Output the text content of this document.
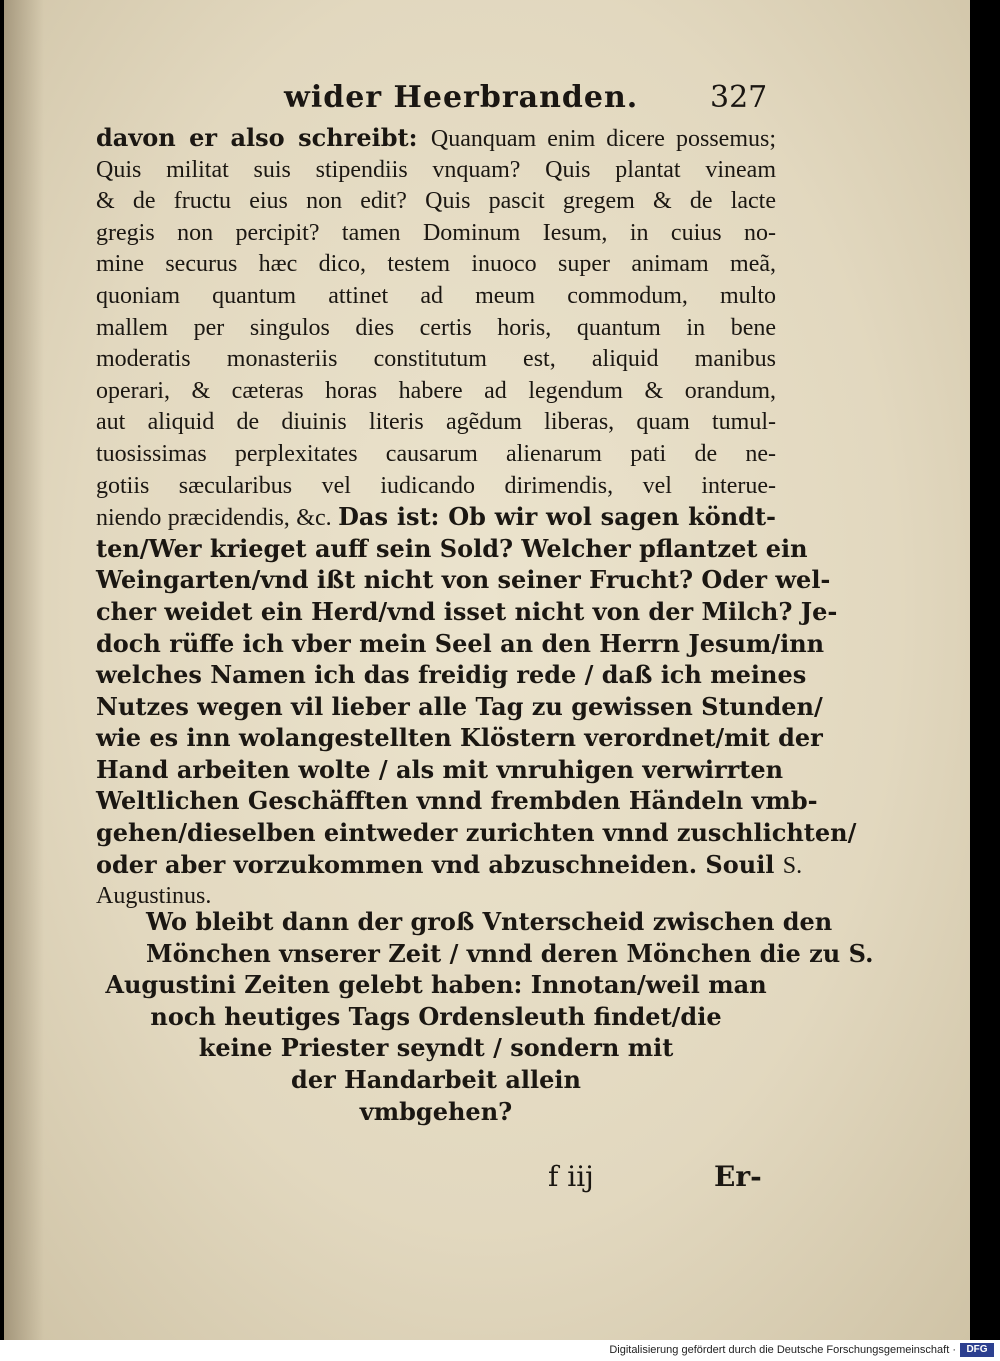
wider Heerbranden. 327
davon er also schreibt: Quanquam enim dicere possemus;
Quis militat suis stipendiis vnquam? Quis plantat vineam
& de fructu eius non edit? Quis pascit gregem & de lacte
gregis non percipit? tamen Dominum Iesum, in cuius no-
mine securus hæc dico, testem inuoco super animam meã,
quoniam quantum attinet ad meum commodum, multo
mallem per singulos dies certis horis, quantum in bene
moderatis monasteriis constitutum est, aliquid manibus
operari, & cæteras horas habere ad legendum & orandum,
aut aliquid de diuinis literis agẽdum liberas, quam tumul-
tuosissimas perplexitates causarum alienarum pati de ne-
gotiis sæcularibus vel iudicando dirimendis, vel interue-
niendo præcidendis, &c. Das ist: Ob wir wol sagen köndt-
ten/Wer krieget auff sein Sold? Welcher pflantzet ein
Weingarten/vnd ißt nicht von seiner Frucht? Oder wel-
cher weidet ein Herd/vnd isset nicht von der Milch? Je-
doch rüffe ich vber mein Seel an den Herrn Jesum/inn
welches Namen ich das freidig rede / daß ich meines
Nutzes wegen vil lieber alle Tag zu gewissen Stunden/
wie es inn wolangestellten Klöstern verordnet/mit der
Hand arbeiten wolte / als mit vnruhigen verwirrten
Weltlichen Geschäfften vnnd frembden Händeln vmb-
gehen/dieselben eintweder zurichten vnnd zuschlichten/
oder aber vorzukommen vnd abzuschneiden. Souil S.
Augustinus.
Wo bleibt dann der groß Vnterscheid zwischen den
Mönchen vnserer Zeit / vnnd deren Mönchen die zu S.
Augustini Zeiten gelebt haben: Innotan/weil man
noch heutiges Tags Ordensleuth findet/die
keine Priester seyndt / sondern mit
der Handarbeit allein
vmbgehen?
f iij	Er-
Digitalisierung gefördert durch die Deutsche Forschungsgemeinschaft ·	DFG
